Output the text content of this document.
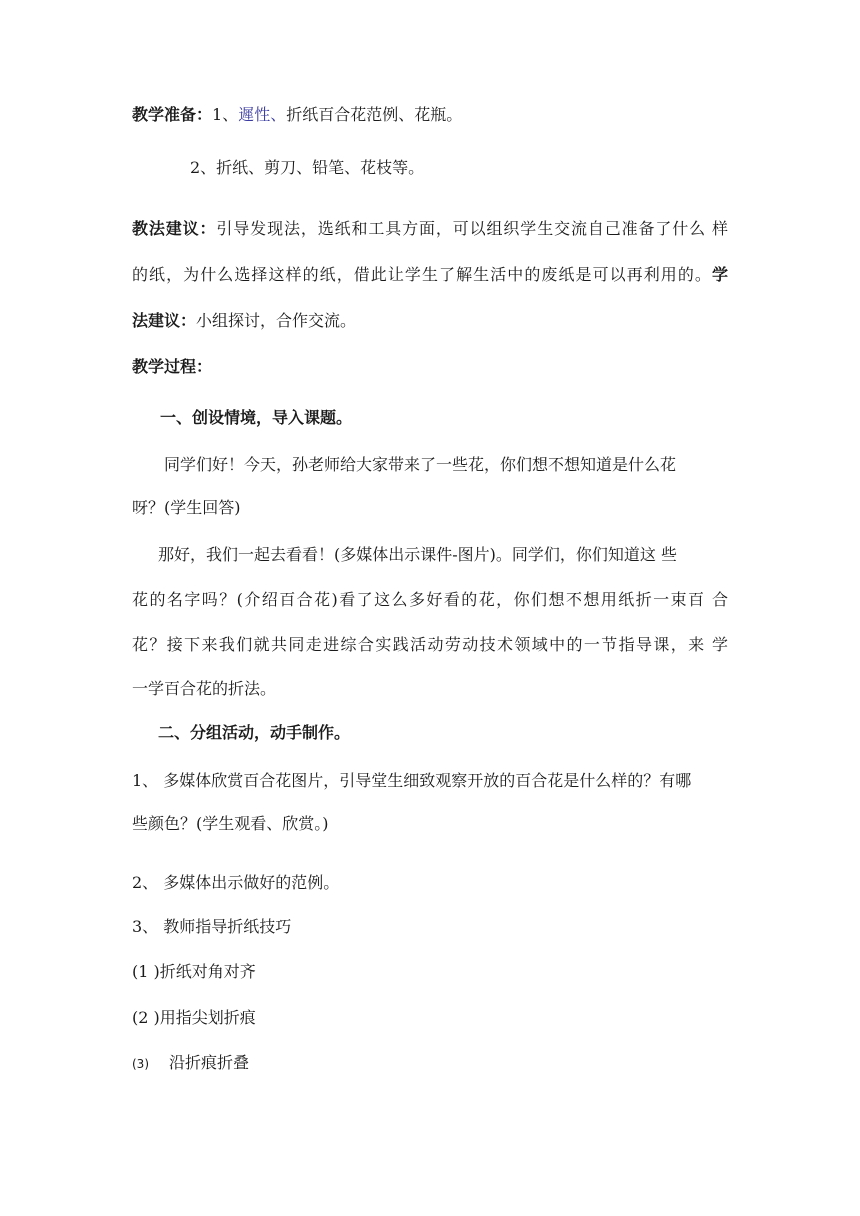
教学准备：1、遲性、折纸百合花范例、花瓶。
2、折纸、剪刀、铅笔、花枝等。
教法建议：引导发现法，选纸和工具方面，可以组织学生交流自己准备了什么 样
的纸，为什么选择这样的纸，借此让学生了解生活中的废纸是可以再利用的。学
法建议：小组探讨，合作交流。
教学过程：
一、创设情境，导入课题。
同学们好！今天，孙老师给大家带来了一些花，你们想不想知道是什么花
呀？(学生回答)
那好，我们一起去看看！(多媒体出示课件-图片)。同学们，你们知道这 些
花的名字吗？(介绍百合花)看了这么多好看的花，你们想不想用纸折一束百 合
花？接下来我们就共同走进综合实践活动劳动技术领域中的一节指导课，来 学
一学百合花的折法。
二、分组活动，动手制作。
1、 多媒体欣赏百合花图片，引导堂生细致观察开放的百合花是什么样的？有哪
些颜色？(学生观看、欣赏。)
2、 多媒体出示做好的范例。
3、 教师指导折纸技巧
(1 )折纸对角对齐
(2 )用指尖划折痕
(3) 沿折痕折叠
